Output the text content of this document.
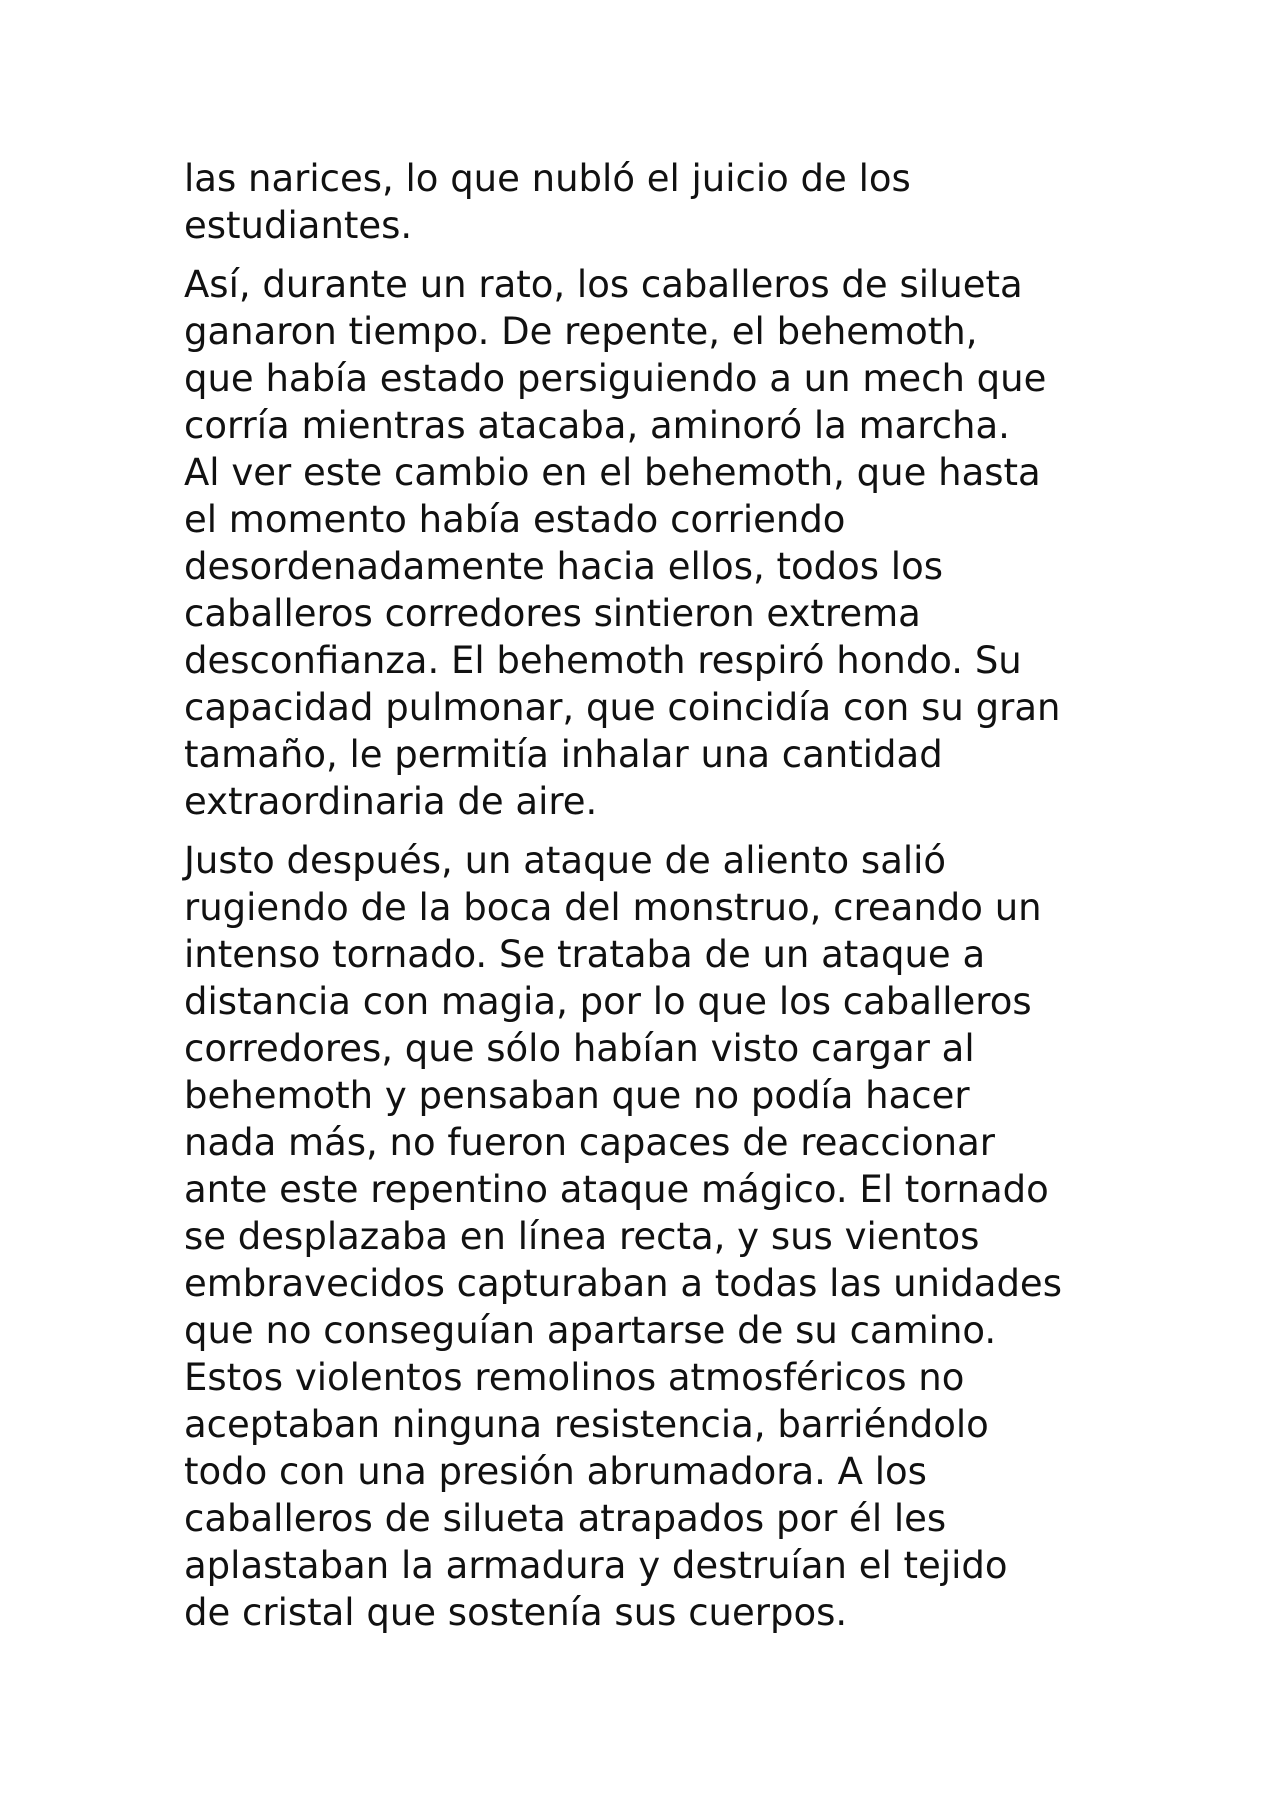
las narices, lo que nubló el juicio de los
estudiantes.

Así, durante un rato, los caballeros de silueta
ganaron tiempo. De repente, el behemoth,
que había estado persiguiendo a un mech que
corría mientras atacaba, aminoró la marcha.
Al ver este cambio en el behemoth, que hasta
el momento había estado corriendo
desordenadamente hacia ellos, todos los
caballeros corredores sintieron extrema
desconfianza. El behemoth respiró hondo. Su
capacidad pulmonar, que coincidía con su gran
tamaño, le permitía inhalar una cantidad
extraordinaria de aire.

Justo después, un ataque de aliento salió
rugiendo de la boca del monstruo, creando un
intenso tornado. Se trataba de un ataque a
distancia con magia, por lo que los caballeros
corredores, que sólo habían visto cargar al
behemoth y pensaban que no podía hacer
nada más, no fueron capaces de reaccionar
ante este repentino ataque mágico. El tornado
se desplazaba en línea recta, y sus vientos
embravecidos capturaban a todas las unidades
que no conseguían apartarse de su camino.
Estos violentos remolinos atmosféricos no
aceptaban ninguna resistencia, barriéndolo
todo con una presión abrumadora. A los
caballeros de silueta atrapados por él les
aplastaban la armadura y destruían el tejido
de cristal que sostenía sus cuerpos.
